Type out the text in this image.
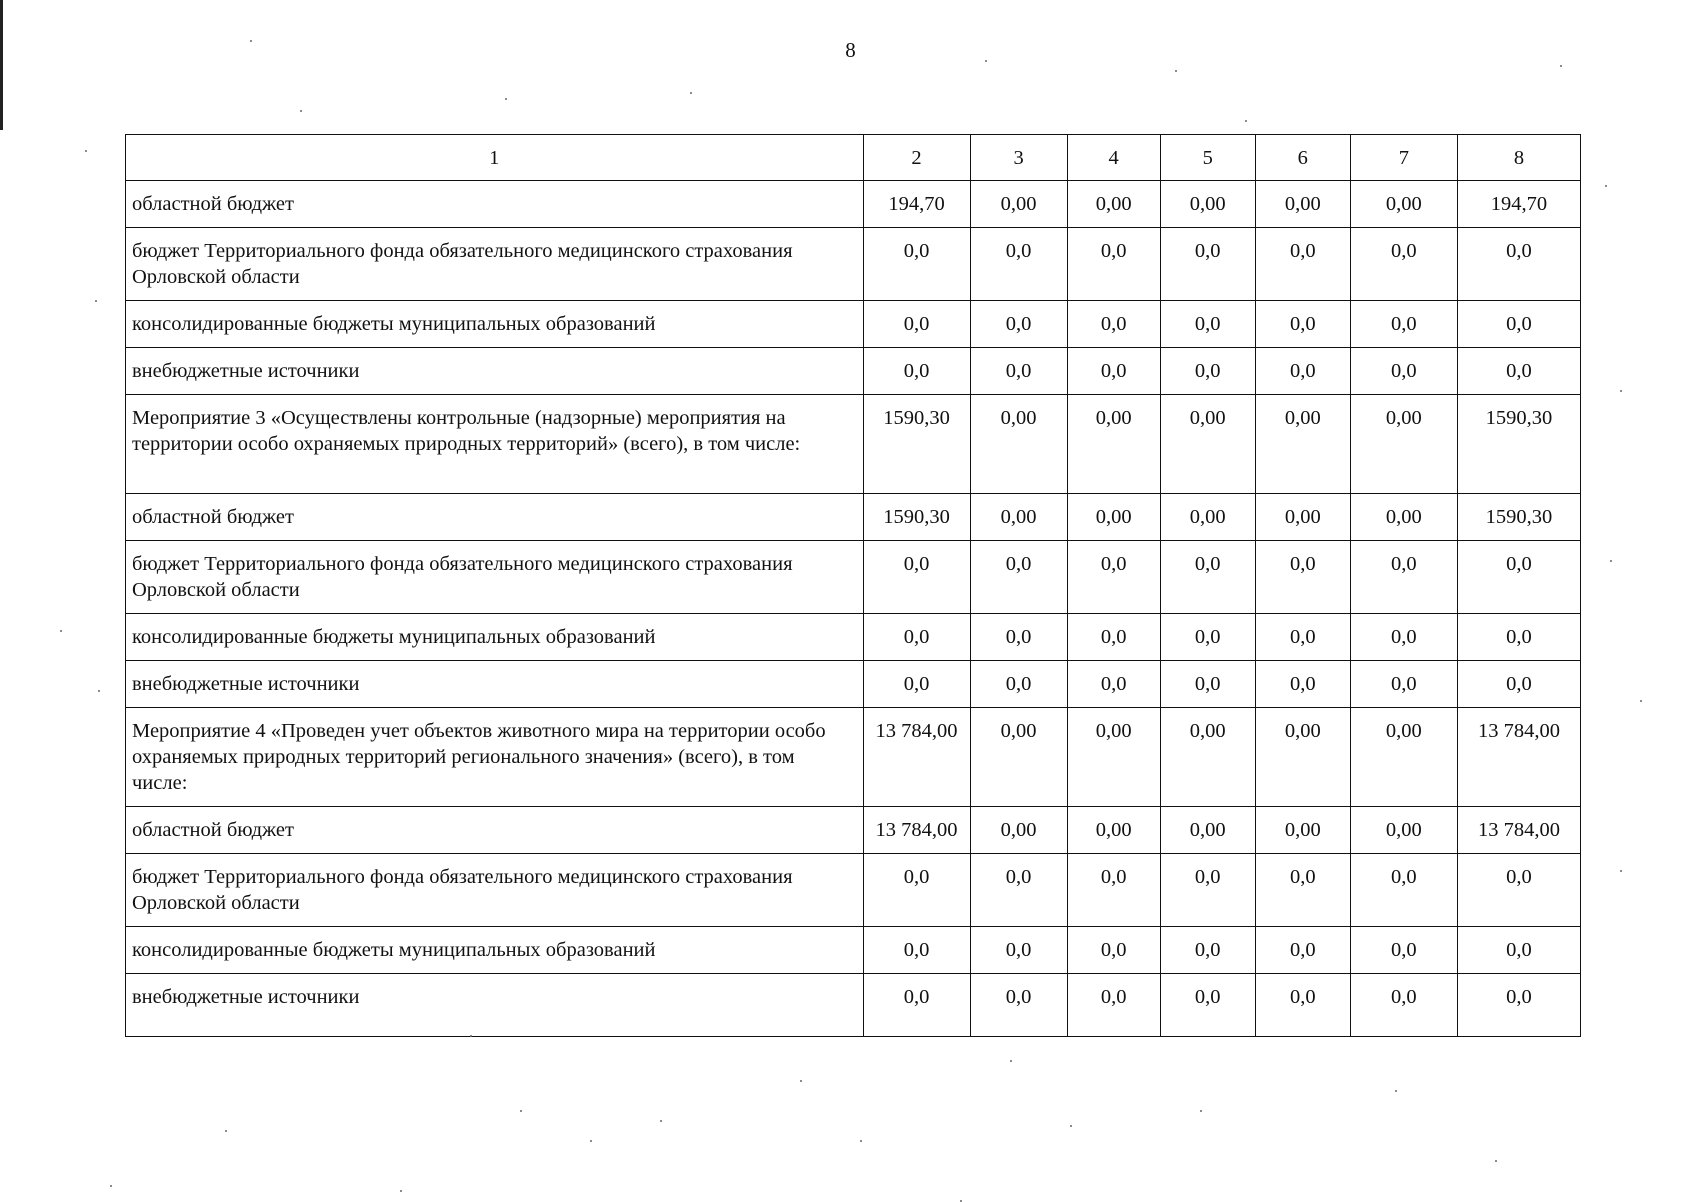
8
1	2	3	4	5	6	7	8
областной бюджет	194,70	0,00	0,00	0,00	0,00	0,00	194,70
бюджет Территориального фонда обязательного медицинского страхования Орловской области	0,0	0,0	0,0	0,0	0,0	0,0	0,0
консолидированные бюджеты муниципальных образований	0,0	0,0	0,0	0,0	0,0	0,0	0,0
внебюджетные источники	0,0	0,0	0,0	0,0	0,0	0,0	0,0
Мероприятие 3 «Осуществлены контрольные (надзорные) мероприятия на территории особо охраняемых природных территорий» (всего), в том числе:	1590,30	0,00	0,00	0,00	0,00	0,00	1590,30
областной бюджет	1590,30	0,00	0,00	0,00	0,00	0,00	1590,30
бюджет Территориального фонда обязательного медицинского страхования Орловской области	0,0	0,0	0,0	0,0	0,0	0,0	0,0
консолидированные бюджеты муниципальных образований	0,0	0,0	0,0	0,0	0,0	0,0	0,0
внебюджетные источники	0,0	0,0	0,0	0,0	0,0	0,0	0,0
Мероприятие 4 «Проведен учет объектов животного мира на территории особо охраняемых природных территорий регионального значения» (всего), в том числе:	13 784,00	0,00	0,00	0,00	0,00	0,00	13 784,00
областной бюджет	13 784,00	0,00	0,00	0,00	0,00	0,00	13 784,00
бюджет Территориального фонда обязательного медицинского страхования Орловской области	0,0	0,0	0,0	0,0	0,0	0,0	0,0
консолидированные бюджеты муниципальных образований	0,0	0,0	0,0	0,0	0,0	0,0	0,0
внебюджетные источники	0,0	0,0	0,0	0,0	0,0	0,0	0,0
